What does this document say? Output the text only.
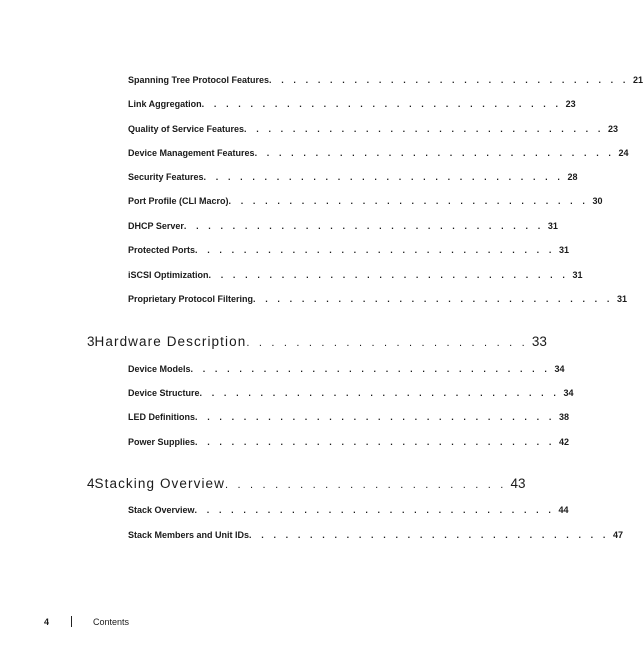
Spanning Tree Protocol Features . . . . . . . . . . . . . . . . . . . . . . . . . . . . . . 21
Link Aggregation . . . . . . . . . . . . . . . . . . . . . . . . . . . . . . 23
Quality of Service Features . . . . . . . . . . . . . . . . . . . . . . . . . . . . . . 23
Device Management Features . . . . . . . . . . . . . . . . . . . . . . . . . . . . . . 24
Security Features . . . . . . . . . . . . . . . . . . . . . . . . . . . . . . 28
Port Profile (CLI Macro) . . . . . . . . . . . . . . . . . . . . . . . . . . . . . . 30
DHCP Server . . . . . . . . . . . . . . . . . . . . . . . . . . . . . . 31
Protected Ports . . . . . . . . . . . . . . . . . . . . . . . . . . . . . . 31
iSCSI Optimization . . . . . . . . . . . . . . . . . . . . . . . . . . . . . . 31
Proprietary Protocol Filtering . . . . . . . . . . . . . . . . . . . . . . . . . . . . . . 31
3 Hardware Description . . . . . . . . . . . . . . . . . . . . . . . 33
Device Models . . . . . . . . . . . . . . . . . . . . . . . . . . . . . . 34
Device Structure . . . . . . . . . . . . . . . . . . . . . . . . . . . . . . 34
LED Definitions . . . . . . . . . . . . . . . . . . . . . . . . . . . . . . 38
Power Supplies . . . . . . . . . . . . . . . . . . . . . . . . . . . . . . 42
4 Stacking Overview . . . . . . . . . . . . . . . . . . . . . . . 43
Stack Overview . . . . . . . . . . . . . . . . . . . . . . . . . . . . . . 44
Stack Members and Unit IDs . . . . . . . . . . . . . . . . . . . . . . . . . . . . . . 47
4	Contents
